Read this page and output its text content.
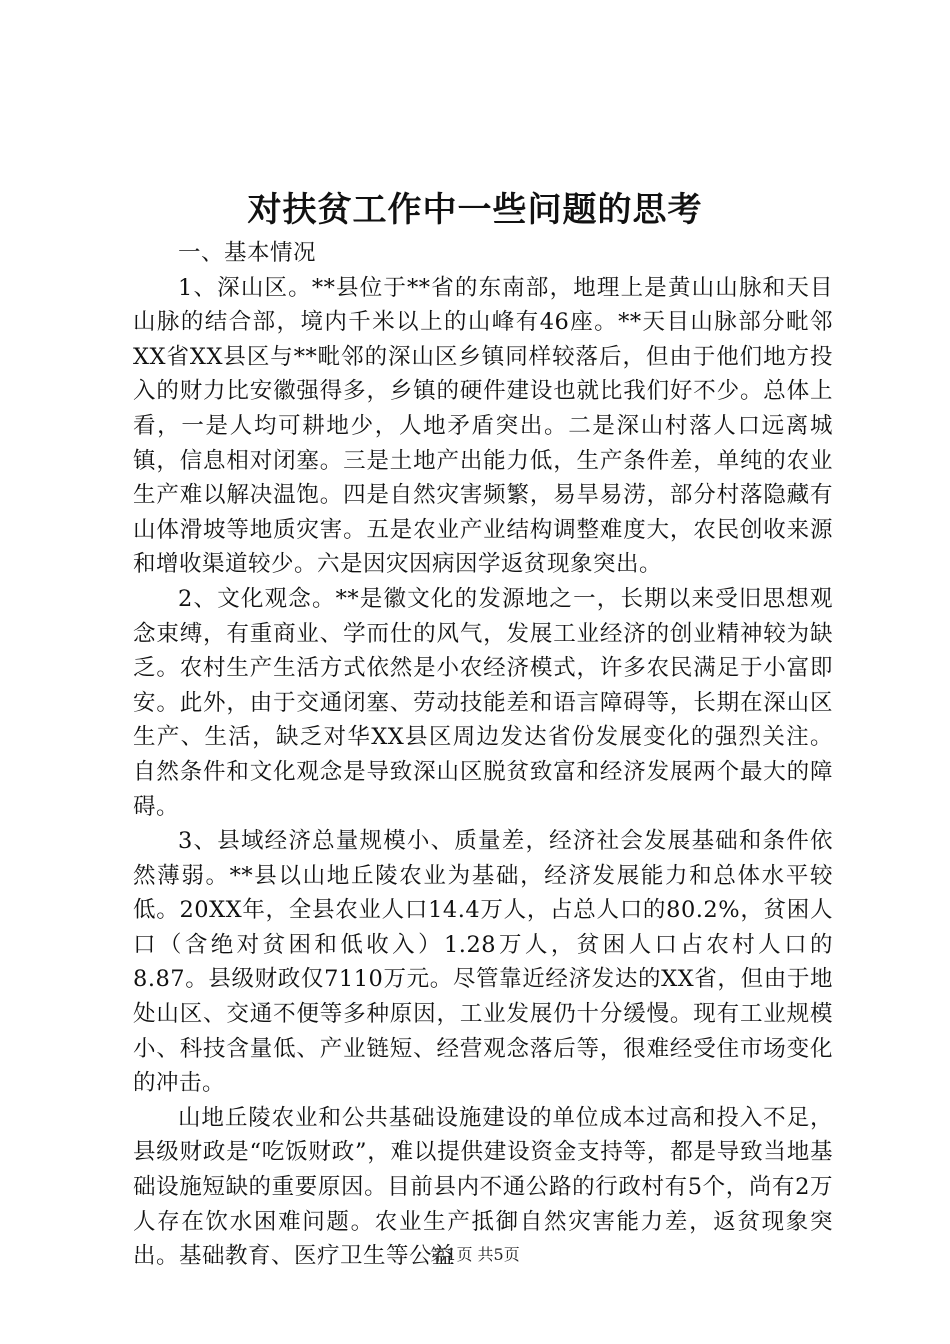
对扶贫工作中一些问题的思考

一、基本情况

1、深山区。**县位于**省的东南部，地理上是黄山山脉和天目山脉的结合部，境内千米以上的山峰有46座。**天目山脉部分毗邻XX省XX县区与**毗邻的深山区乡镇同样较落后，但由于他们地方投入的财力比安徽强得多，乡镇的硬件建设也就比我们好不少。总体上看，一是人均可耕地少，人地矛盾突出。二是深山村落人口远离城镇，信息相对闭塞。三是土地产出能力低，生产条件差，单纯的农业生产难以解决温饱。四是自然灾害频繁，易旱易涝，部分村落隐藏有山体滑坡等地质灾害。五是农业产业结构调整难度大，农民创收来源和增收渠道较少。六是因灾因病因学返贫现象突出。

2、文化观念。**是徽文化的发源地之一，长期以来受旧思想观念束缚，有重商业、学而仕的风气，发展工业经济的创业精神较为缺乏。农村生产生活方式依然是小农经济模式，许多农民满足于小富即安。此外，由于交通闭塞、劳动技能差和语言障碍等，长期在深山区生产、生活，缺乏对华XX县区周边发达省份发展变化的强烈关注。自然条件和文化观念是导致深山区脱贫致富和经济发展两个最大的障碍。

3、县域经济总量规模小、质量差，经济社会发展基础和条件依然薄弱。**县以山地丘陵农业为基础，经济发展能力和总体水平较低。20XX年，全县农业人口14.4万人，占总人口的80.2%，贫困人口（含绝对贫困和低收入）1.28万人，贫困人口占农村人口的8.87。县级财政仅7110万元。尽管靠近经济发达的XX省，但由于地处山区、交通不便等多种原因，工业发展仍十分缓慢。现有工业规模小、科技含量低、产业链短、经营观念落后等，很难经受住市场变化的冲击。

山地丘陵农业和公共基础设施建设的单位成本过高和投入不足，县级财政是“吃饭财政”，难以提供建设资金支持等，都是导致当地基础设施短缺的重要原因。目前县内不通公路的行政村有5个，尚有2万人存在饮水困难问题。农业生产抵御自然灾害能力差，返贫现象突出。基础教育、医疗卫生等公益

第1页 共5页
